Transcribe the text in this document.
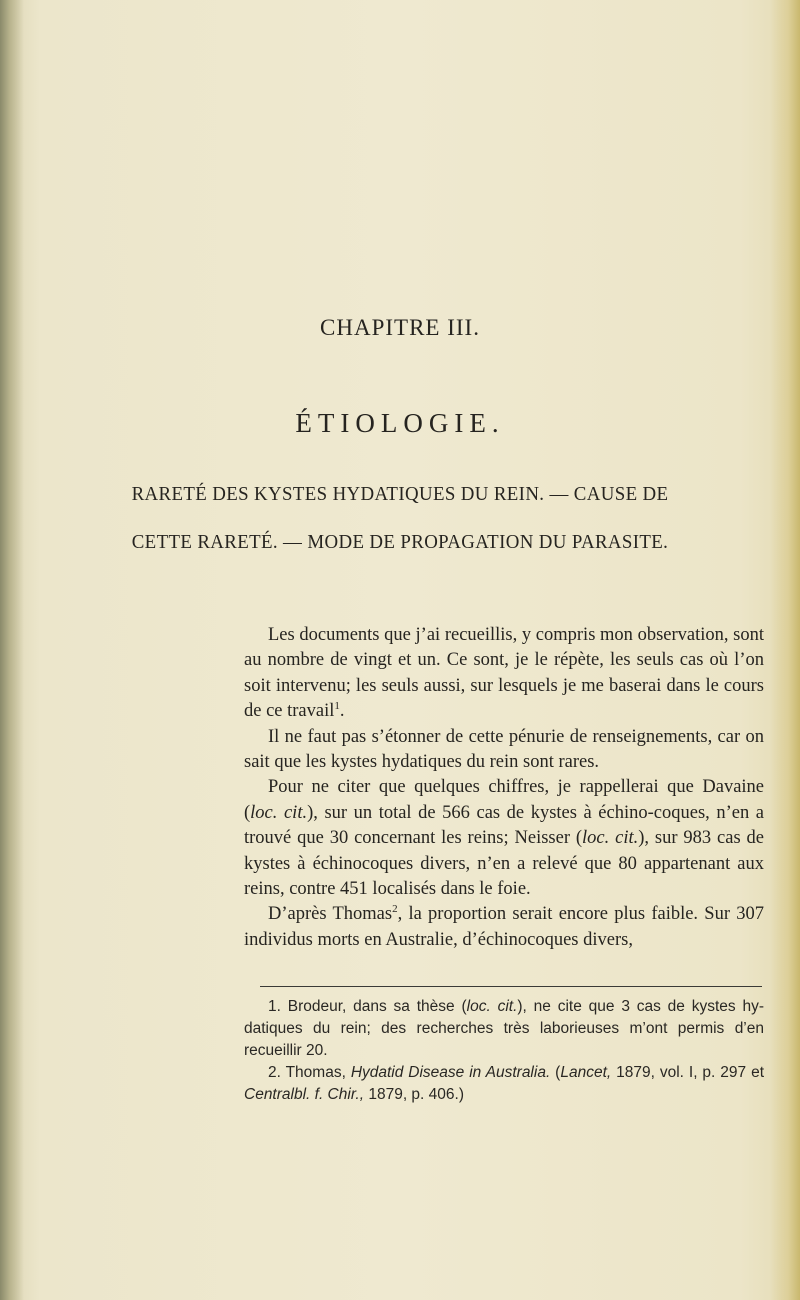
CHAPITRE III.
ÉTIOLOGIE.
RARETÉ DES KYSTES HYDATIQUES DU REIN. — CAUSE DE
CETTE RARETÉ. — MODE DE PROPAGATION DU PARASITE.

Les documents que j’ai recueillis, y compris mon observation, sont au nombre de vingt et un. Ce sont, je le répète, les seuls cas où l’on soit intervenu; les seuls aussi, sur lesquels je me baserai dans le cours de ce travail$^1$.

Il ne faut pas s’étonner de cette pénurie de renseignements, car on sait que les kystes hydatiques du rein sont rares.

Pour ne citer que quelques chiffres, je rappellerai que Davaine (loc. cit.), sur un total de 566 cas de kystes à échino-coques, n’en a trouvé que 30 concernant les reins; Neisser (loc. cit.), sur 983 cas de kystes à échinocoques divers, n’en a relevé que 80 appartenant aux reins, contre 451 localisés dans le foie.

D’après Thomas$^2$, la proportion serait encore plus faible. Sur 307 individus morts en Australie, d’échinocoques divers,

1. Brodeur, dans sa thèse (loc. cit.), ne cite que 3 cas de kystes hy-datiques du rein; des recherches très laborieuses m’ont permis d’en recueillir 20.

2. Thomas, Hydatid Disease in Australia. (Lancet, 1879, vol. I, p. 297 et Centralbl. f. Chir., 1879, p. 406.)
